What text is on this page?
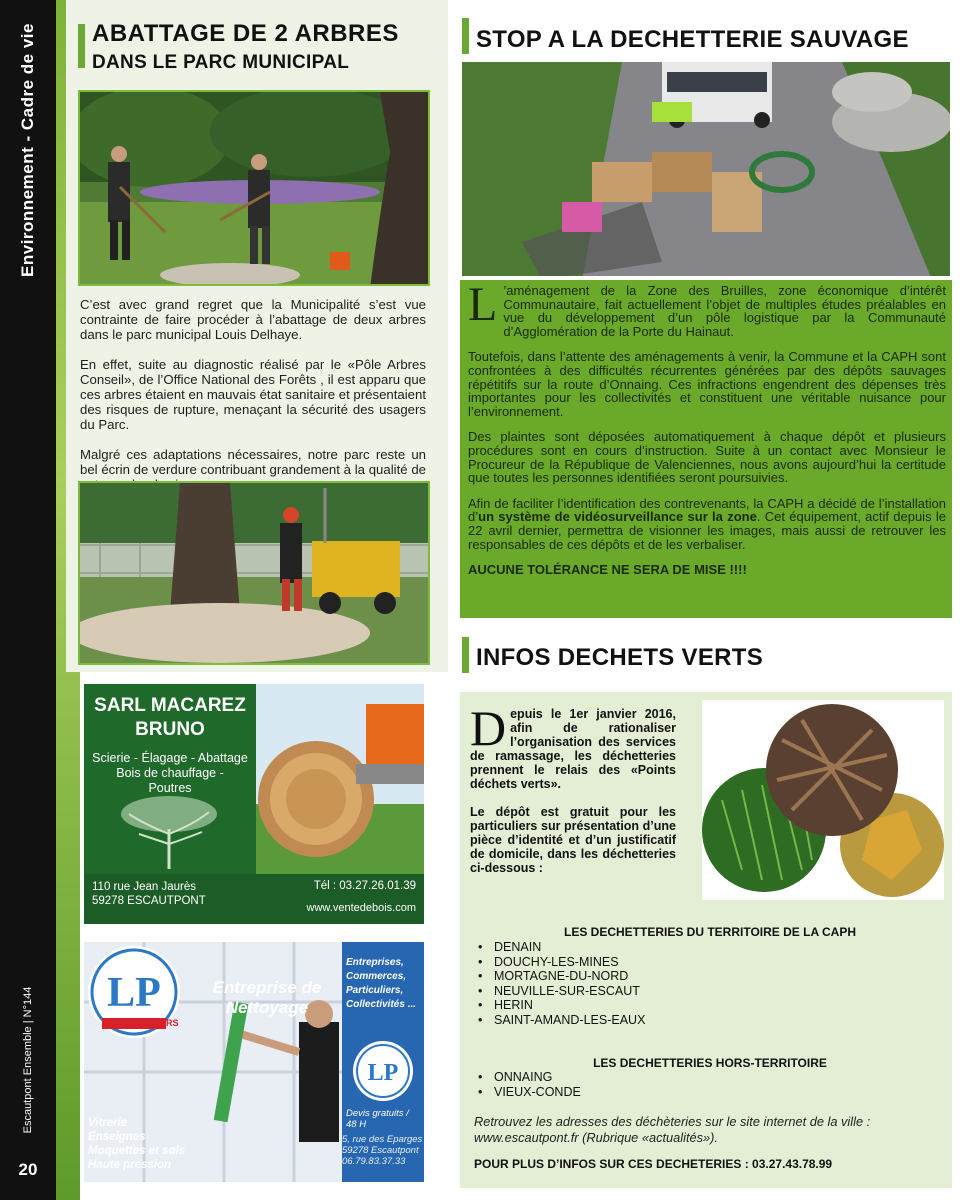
Environnement - Cadre de vie
Escautpont Ensemble | N°144
20
ABATTAGE DE 2 ARBRES
DANS LE PARC MUNICIPAL

C’est avec grand regret que la Municipalité s’est vue contrainte de faire procéder à l’abattage de deux arbres dans le parc municipal Louis Delhaye.

En effet, suite au diagnostic réalisé par le «Pôle Arbres Conseil», de l’Office National des Forêts , il est apparu que ces arbres étaient en mauvais état sanitaire et présentaient des risques de rupture, menaçant la sécurité des usagers du Parc.

Malgré ces adaptations nécessaires, notre parc reste un bel écrin de verdure contribuant grandement à la qualité de

STOP A LA DECHETTERIE SAUVAGE

L ’aménagement de la Zone des Bruilles, zone économique d’intérêt Communautaire, fait actuellement l’objet de multiples études préalables en vue du développement d’un pôle logistique par la Communauté d’Agglomération de la Porte du Hainaut.

Toutefois, dans l’attente des aménagements à venir, la Commune et la CAPH sont confrontées à des difficultés récurrentes générées par des dépôts sauvages répétitifs sur la route d’Onnaing. Ces infractions engendrent des dépenses très importantes pour les collectivités et constituent une véritable nuisance pour l’environnement.

Des plaintes sont déposées automatiquement à chaque dépôt et plusieurs procédures sont en cours d’instruction. Suite à un contact avec Monsieur le Procureur de la République de Valenciennes, nous avons aujourd’hui la certitude que toutes les personnes identifiées seront poursuivies.

Afin de faciliter l’identification des contrevenants, la CAPH a décidé de l’installation d’un système de vidéosurveillance sur la zone. Cet équipement, actif depuis le 22 avril dernier, permettra de visionner les images, mais aussi de retrouver les responsables de ces dépôts et de les verbaliser.

AUCUNE TOLÉRANCE NE SERA DE MISE !!!!

INFOS DECHETS VERTS

Depuis le 1er janvier 2016, afin de rationaliser l’organisation des services de ramassage, les déchetteries prennent le relais des «Points déchets verts».

Le dépôt est gratuit pour les particuliers sur présentation d’une pièce d’identité et d’un justificatif de domicile, dans les déchetteries ci-dessous :

LES DECHETTERIES DU TERRITOIRE DE LA CAPH
• DENAIN
• DOUCHY-LES-MINES
• MORTAGNE-DU-NORD
• NEUVILLE-SUR-ESCAUT
• HERIN
• SAINT-AMAND-LES-EAUX
LES DECHETTERIES HORS-TERRITOIRE
• ONNAING
• VIEUX-CONDE
Retrouvez les adresses des déchèteries sur le site internet de la ville : www.escautpont.fr (Rubrique «actualités»).
POUR PLUS D’INFOS SUR CES DECHETERIES : 03.27.43.78.99
SARL MACAREZ
BRUNO
Scierie - Élagage - Abattage
Bois de chauffage -
Poutres
110 rue Jean Jaurès
59278 ESCAUTPONT
Tél : 03.27.26.01.39
www.ventedebois.com
LP
Pascal LOUVERS
Entreprise de Nettoyage
Entreprises,
Commerces,
Particuliers,
Collectivités ...
LP
Devis gratuits / 48 H
5, rue des Eparges
59278 Escautpont
06.79.83.37.33
Vitrerie
Enseignes
Moquettes et sols
Haute pression
